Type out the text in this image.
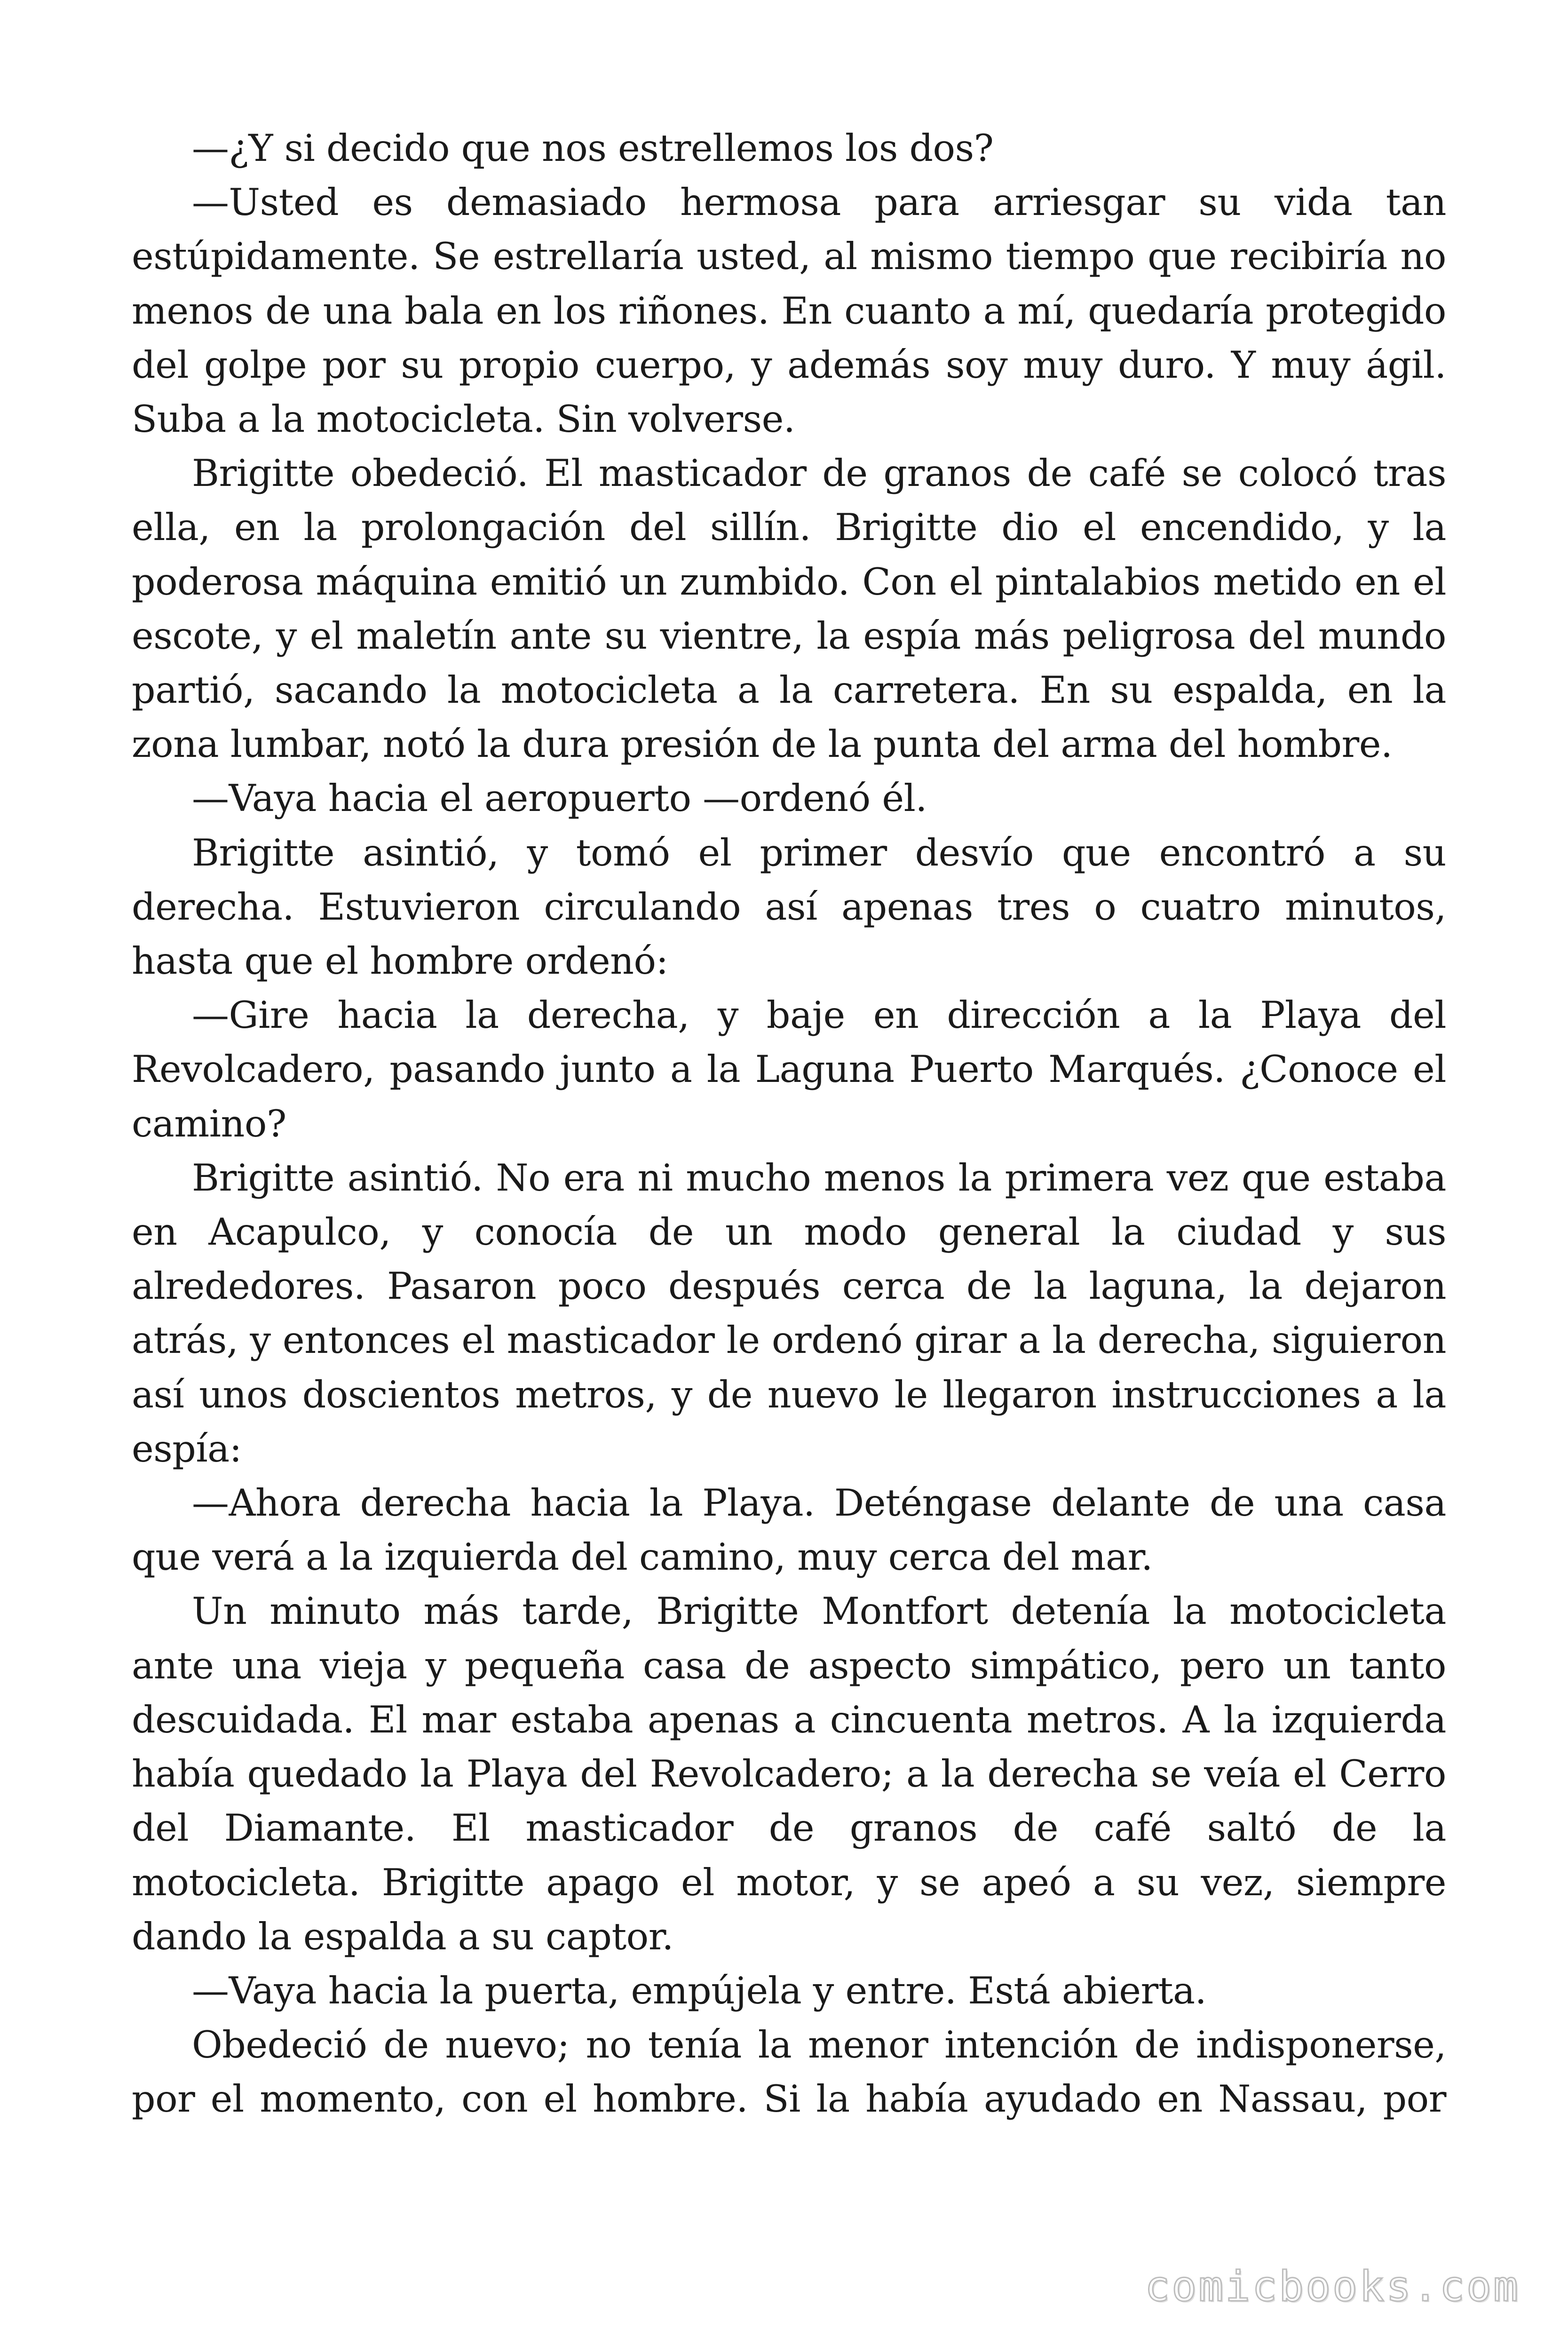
—¿Y si decido que nos estrellemos los dos?

—Usted es demasiado hermosa para arriesgar su vida tan estúpidamente. Se estrellaría usted, al mismo tiempo que recibiría no menos de una bala en los riñones. En cuanto a mí, quedaría protegido del golpe por su propio cuerpo, y además soy muy duro. Y muy ágil. Suba a la motocicleta. Sin volverse.

Brigitte obedeció. El masticador de granos de café se colocó tras ella, en la prolongación del sillín. Brigitte dio el encendido, y la poderosa máquina emitió un zumbido. Con el pintalabios metido en el escote, y el maletín ante su vientre, la espía más peligrosa del mundo partió, sacando la motocicleta a la carretera. En su espalda, en la zona lumbar, notó la dura presión de la punta del arma del hombre.

—Vaya hacia el aeropuerto —ordenó él.

Brigitte asintió, y tomó el primer desvío que encontró a su derecha. Estuvieron circulando así apenas tres o cuatro minutos, hasta que el hombre ordenó:

—Gire hacia la derecha, y baje en dirección a la Playa del Revolcadero, pasando junto a la Laguna Puerto Marqués. ¿Conoce el camino?

Brigitte asintió. No era ni mucho menos la primera vez que estaba en Acapulco, y conocía de un modo general la ciudad y sus alrededores. Pasaron poco después cerca de la laguna, la dejaron atrás, y entonces el masticador le ordenó girar a la derecha, siguieron así unos doscientos metros, y de nuevo le llegaron instrucciones a la espía:

—Ahora derecha hacia la Playa. Deténgase delante de una casa que verá a la izquierda del camino, muy cerca del mar.

Un minuto más tarde, Brigitte Montfort detenía la motocicleta ante una vieja y pequeña casa de aspecto simpático, pero un tanto descuidada. El mar estaba apenas a cincuenta metros. A la izquierda había quedado la Playa del Revolcadero; a la derecha se veía el Cerro del Diamante. El masticador de granos de café saltó de la motocicleta. Brigitte apago el motor, y se apeó a su vez, siempre dando la espalda a su captor.

—Vaya hacia la puerta, empújela y entre. Está abierta.

Obedeció de nuevo; no tenía la menor intención de indisponerse, por el momento, con el hombre. Si la había ayudado en Nassau, por

comicbooks.com
